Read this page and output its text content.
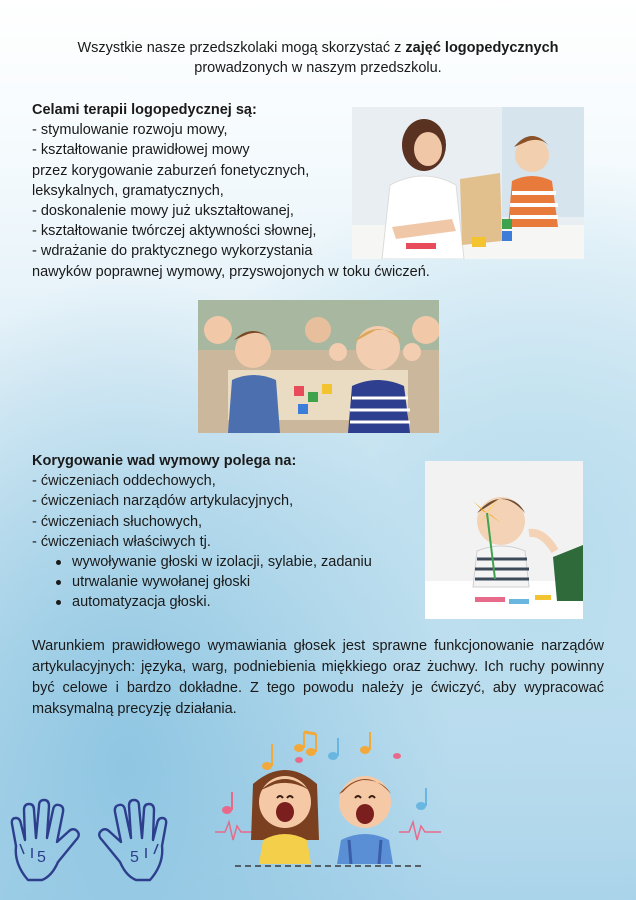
Wszystkie nasze przedszkolaki mogą skorzystać z zajęć logopedycznych
prowadzonych w naszym przedszkolu.
Celami terapii logopedycznej są:
- stymulowanie rozwoju mowy,
- kształtowanie prawidłowej mowy
przez korygowanie zaburzeń fonetycznych,
leksykalnych, gramatycznych,
- doskonalenie mowy już ukształtowanej,
- kształtowanie twórczej aktywności słownej,
- wdrażanie do praktycznego wykorzystania
nawyków poprawnej wymowy, przyswojonych w toku ćwiczeń.
Korygowanie wad wymowy polega na:
- ćwiczeniach oddechowych,
- ćwiczeniach narządów artykulacyjnych,
- ćwiczeniach słuchowych,
- ćwiczeniach właściwych tj.
wywoływanie głoski w izolacji, sylabie, zadaniu
utrwalanie wywołanej głoski
automatyzacja głoski.
Warunkiem prawidłowego wymawiania głosek jest sprawne funkcjonowanie narządów artykulacyjnych: języka, warg, podniebienia miękkiego oraz żuchwy. Ich ruchy powinny być celowe i bardzo dokładne. Z tego powodu należy je ćwiczyć, aby wypracować maksymalną precyzję działania.
5	5
